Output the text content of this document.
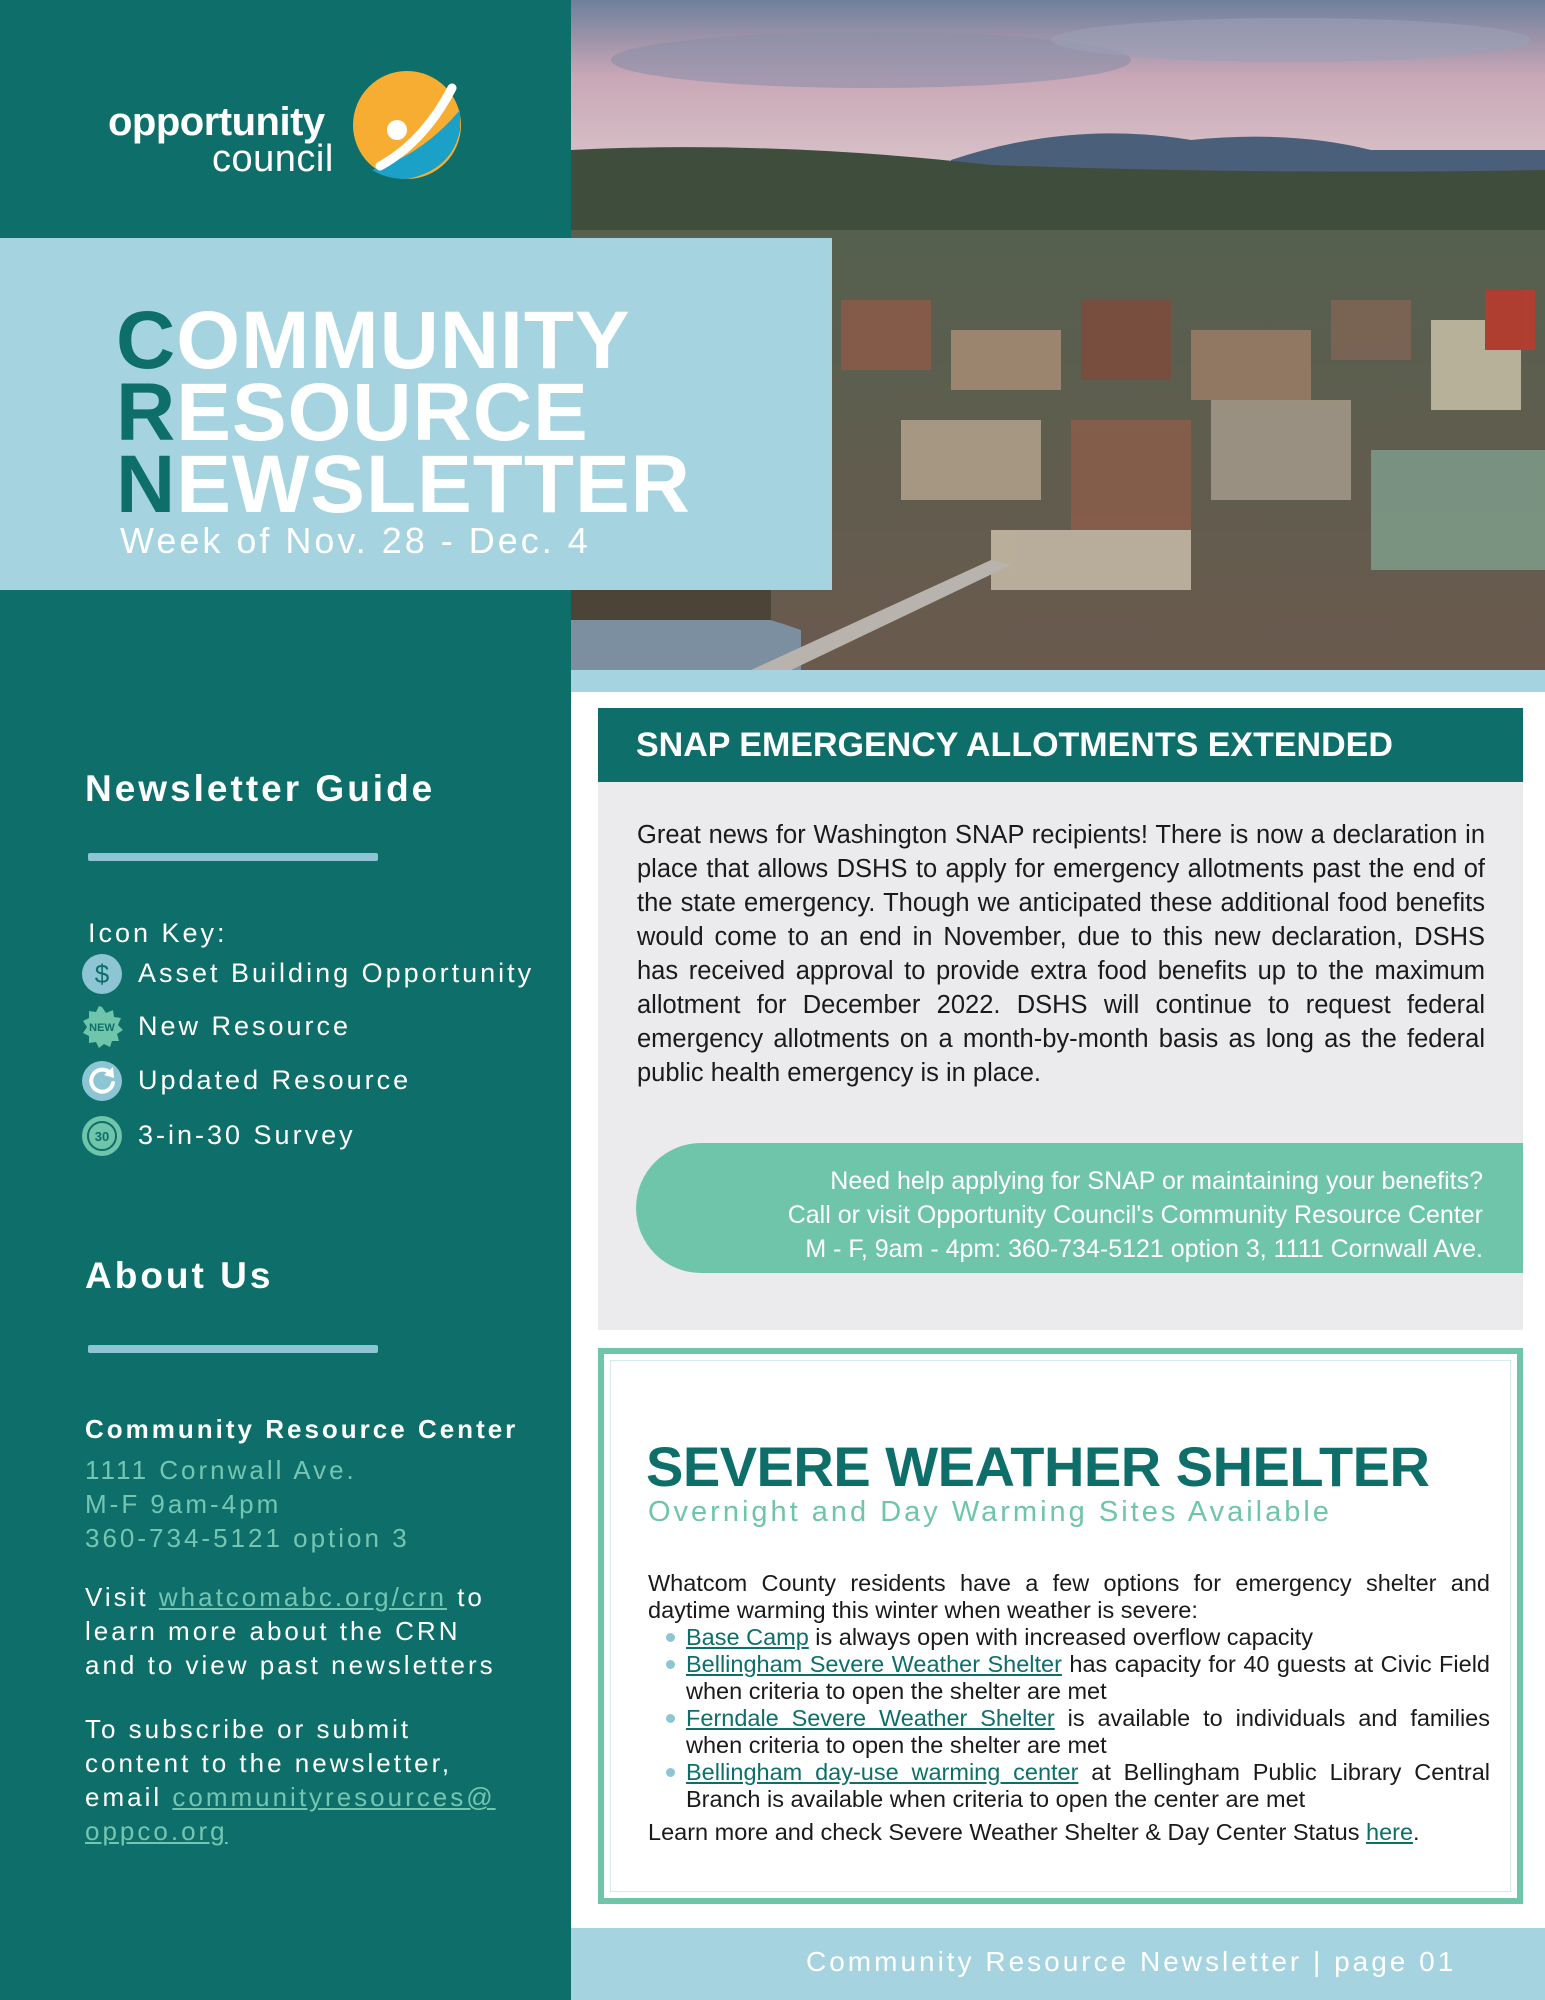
opportunity
council
COMMUNITY
RESOURCE
NEWSLETTER
Week of Nov. 28 - Dec. 4
Newsletter Guide
Icon Key:
$ Asset Building Opportunity
NEW New Resource
Updated Resource
30 3-in-30 Survey
About Us
Community Resource Center
1111 Cornwall Ave.
M-F 9am-4pm
360-734-5121 option 3
Visit whatcomabc.org/crn to
learn more about the CRN
and to view past newsletters
To subscribe or submit
content to the newsletter,
email communityresources@
oppco.org
SNAP EMERGENCY ALLOTMENTS EXTENDED
Great news for Washington SNAP recipients! There is now a declaration in place that allows DSHS to apply for emergency allotments past the end of the state emergency. Though we anticipated these additional food benefits would come to an end in November, due to this new declaration, DSHS has received approval to provide extra food benefits up to the maximum allotment for December 2022. DSHS will continue to request federal emergency allotments on a month-by-month basis as long as the federal public health emergency is in place.
Need help applying for SNAP or maintaining your benefits?
Call or visit Opportunity Council's Community Resource Center
M - F, 9am - 4pm: 360-734-5121 option 3, 1111 Cornwall Ave.
SEVERE WEATHER SHELTER
Overnight and Day Warming Sites Available
Whatcom County residents have a few options for emergency shelter and daytime warming this winter when weather is severe:
Base Camp is always open with increased overflow capacity
Bellingham Severe Weather Shelter has capacity for 40 guests at Civic Field when criteria to open the shelter are met
Ferndale Severe Weather Shelter is available to individuals and families when criteria to open the shelter are met
Bellingham day-use warming center at Bellingham Public Library Central Branch is available when criteria to open the center are met
Learn more and check Severe Weather Shelter & Day Center Status here.
Community Resource Newsletter | page 01
